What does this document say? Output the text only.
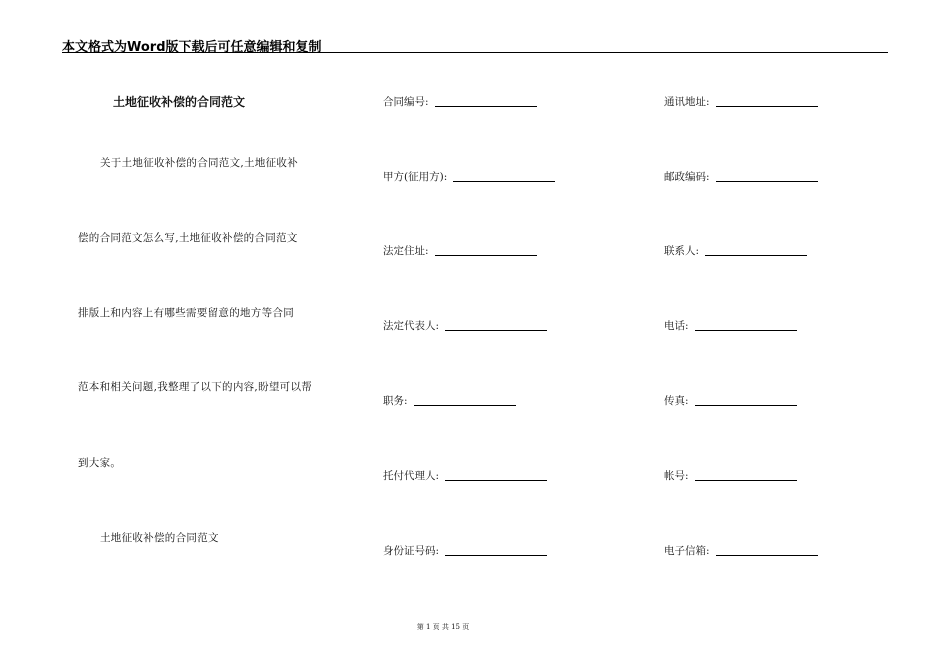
本文格式为Word版下载后可任意编辑和复制
土地征收补偿的合同范文
关于土地征收补偿的合同范文,土地征收补
偿的合同范文怎么写,土地征收补偿的合同范文
排版上和内容上有哪些需要留意的地方等合同
范本和相关问题,我整理了以下的内容,盼望可以帮
到大家。
土地征收补偿的合同范文
合同编号:
甲方(征用方):
法定住址:
法定代表人:
职务:
托付代理人:
身份证号码:
通讯地址:
邮政编码:
联系人:
电话:
传真:
帐号:
电子信箱:
第 1 页 共 15 页
